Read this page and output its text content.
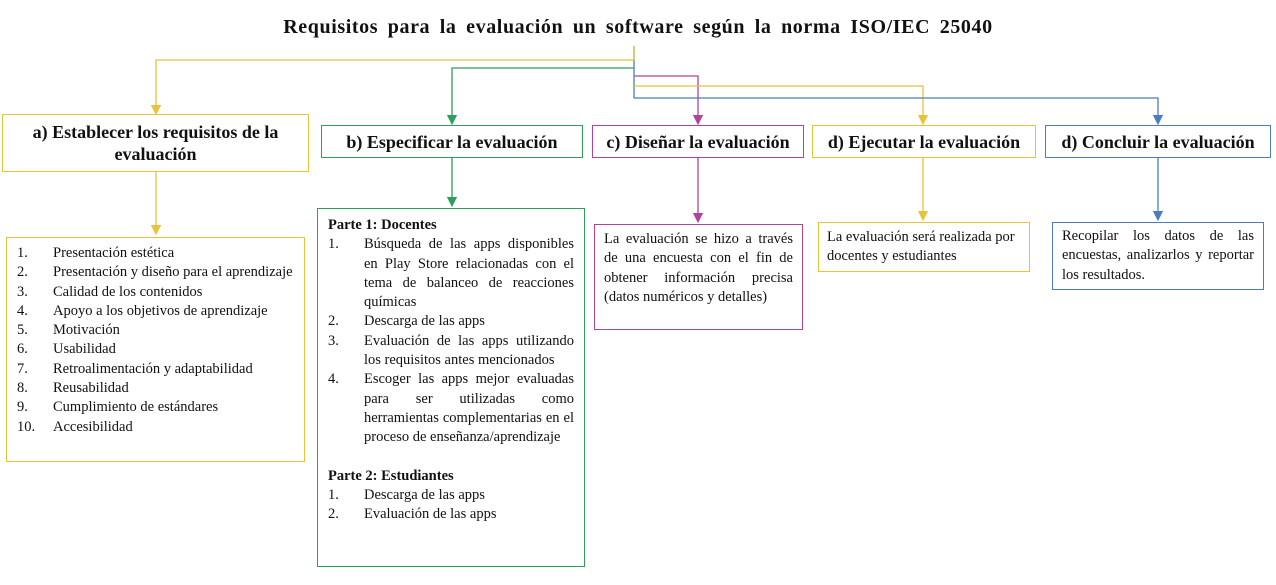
Requisitos para la evaluación un software según la norma ISO/IEC 25040
a) Establecer los requisitos de la evaluación
b) Especificar la evaluación	c) Diseñar la evaluación d) Ejecutar la evaluación d) Concluir la evaluación
1.	Presentación estética
2.	Presentación y diseño para el aprendizaje
3.	Calidad de los contenidos
4.	Apoyo a los objetivos de aprendizaje
5.	Motivación
6.	Usabilidad
7.	Retroalimentación y adaptabilidad
8.	Reusabilidad
9.	Cumplimiento de estándares
10.	Accesibilidad
Parte 1: Docentes
1.	Búsqueda de las apps disponibles en Play Store relacionadas con el tema de balanceo de reacciones químicas
2.	Descarga de las apps
3.	Evaluación de las apps utilizando los requisitos antes mencionados
4.	Escoger las apps mejor evaluadas para ser utilizadas como herramientas complementarias en el proceso de enseñanza/aprendizaje
Parte 2: Estudiantes
1.	Descarga de las apps
2.	Evaluación de las apps
La evaluación se hizo a través de una encuesta con el fin de obtener información precisa (datos numéricos y detalles)
La evaluación será realizada por docentes y estudiantes
Recopilar los datos de las encuestas, analizarlos y reportar los resultados.
